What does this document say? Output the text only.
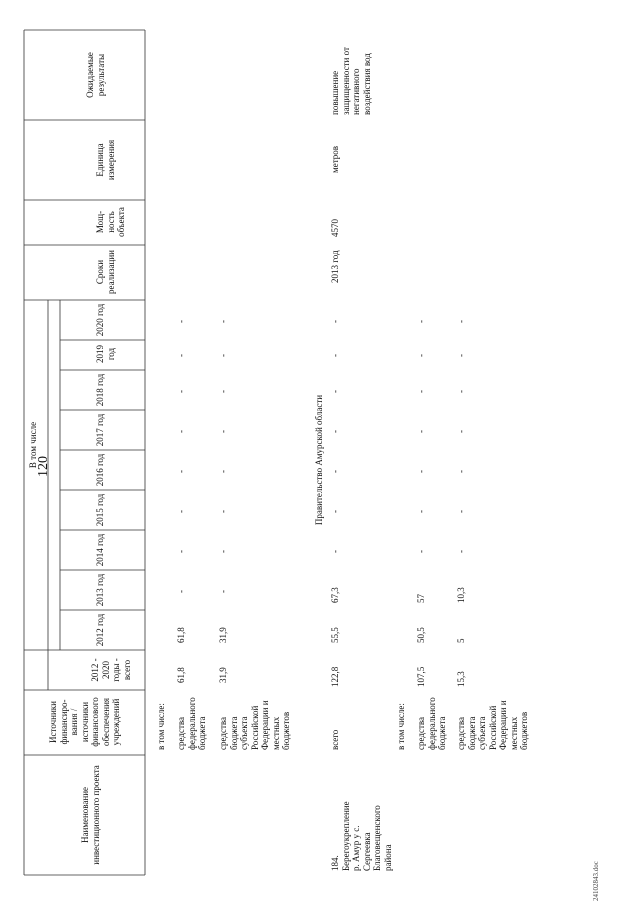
120
Наименование инвестиционного проекта
Источники финансиро-вания / источники финансового обеспечения учреждений
2012 - 2020 годы - всего
В том числе
2012 год
2013 год
2014 год
2015 год
2016 год
2017 год
2018 год
2019 год
2020 год
Сроки реализации
Мощ-ность объекта
Единица измерения
Ожидаемые результаты
в том числе: средства федерального бюджета
61,8
61,8
-
-
-
-
-
-
-
-
средства бюджета субъекта Российской Федерации и местных бюджетов
31,9
31,9
-
-
-
-
-
-
-
-
Правительство Амурской области
184. Берегоукрепление р. Амур у с. Сергеевка Благовещенского района
всего
122,8
55,5
67,3
-
-
-
-
-
-
-
2013 год
4570
метров
повышение защищенности от негативного воздействия вод
в том числе: средства федерального бюджета
107,5
50,5
57
-
-
-
-
-
-
-
средства бюджета субъекта Российской Федерации и местных бюджетов
15,3
5
10,3
-
-
-
-
-
-
-
24102843.doc
